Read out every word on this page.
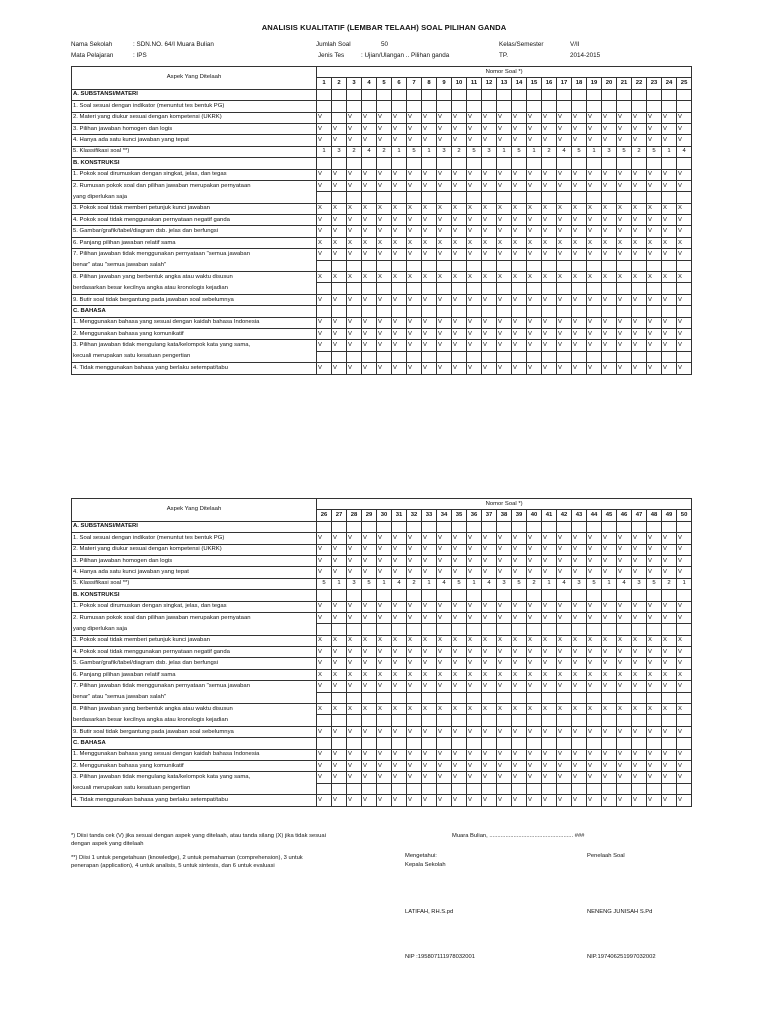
ANALISIS KUALITATIF (LEMBAR TELAAH) SOAL PILIHAN GANDA
Nama Sekolah	: SDN.NO. 64/I Muara Bulian
Mata Pelajaran	: IPS
Jumlah Soal	50
Jenis Tes	: Ujian/Ulangan .. Pilihan ganda
Kelas/Semester	V/II
TP.	2014-2015
Aspek Yang Ditelaah	Nomor Soal *)																								
	1	2	3	4	5	6	7	8	9	10	11	12	13	14	15	16	17	18	19	20	21	22	23	24	25
A. SUBSTANSI/MATERI																									
1. Soal sesuai dengan indikator (menuntut tes bentuk PG)																									
2. Materi yang diukur sesuai dengan kompetensi (UKRK)	V		V	V	V	V	V	V	V	V	V	V	V	V	V	V	V	V	V	V	V	V	V	V	V
3. Pilihan jawaban homogen dan logis	V	V	V	V	V	V	V	V	V	V	V	V	V	V	V	V	V	V	V	V	V	V	V	V	V
4. Hanya ada satu kunci jawaban yang tepat	V	V	V	V	V	V	V	V	V	V	V	V	V	V	V	V	V	V	V	V	V	V	V	V	V
5. Klassifikasi soal **)	1	3	2	4	2	1	5	1	3	2	5	3	1	5	1	2	4	5	1	3	5	2	5	1	4
B. KONSTRUKSI																									
1. Pokok soal dirumuskan dengan singkat, jelas, dan tegas	V	V	V	V	V	V	V	V	V	V	V	V	V	V	V	V	V	V	V	V	V	V	V	V	V
2. Rumusan pokok soal dan pilihan jawaban merupakan pernyataan	V	V	V	V	V	V	V	V	V	V	V	V	V	V	V	V	V	V	V	V	V	V	V	V	V
yang diperlukan saja																									
3. Pokok soal tidak memberi petunjuk kunci jawaban	X	X	X	X	X	X	X	X	X	X	X	X	X	X	X	X	X	X	X	X	X	X	X	X	X
4. Pokok soal tidak menggunakan pernyataan negatif ganda	V	V	V	V	V	V	V	V	V	V	V	V	V	V	V	V	V	V	V	V	V	V	V	V	V
5. Gambar/grafik/tabel/diagram dsb. jelas dan berfungsi	V	V	V	V	V	V	V	V	V	V	V	V	V	V	V	V	V	V	V	V	V	V	V	V	V
6. Panjang pilihan jawaban relatif sama	X	X	X	X	X	X	X	X	X	X	X	X	X	X	X	X	X	X	X	X	X	X	X	X	X
7. Pilihan jawaban tidak menggunakan pernyataan "semua jawaban	V	V	V	V	V	V	V	V	V	V	V	V	V	V	V	V	V	V	V	V	V	V	V	V	V
benar" atau "semua jawaban salah"																									
8. Pilihan jawaban yang berbentuk angka atau waktu disusun	X	X	X	X	X	X	X	X	X	X	X	X	X	X	X	X	X	X	X	X	X	X	X	X	X
berdasarkan besar kecilnya angka atau kronologis kejadian																									
9. Butir soal tidak bergantung pada jawaban soal sebelumnya	V	V	V	V	V	V	V	V	V	V	V	V	V	V	V	V	V	V	V	V	V	V	V	V	V
C. BAHASA																									
1. Menggunakan bahasa yang sesuai dengan kaidah bahasa Indonesia	V	V	V	V	V	V	V	V	V	V	V	V	V	V	V	V	V	V	V	V	V	V	V	V	V
2. Menggunakan bahasa yang komunikatif	V	V	V	V	V	V	V	V	V	V	V	V	V	V	V	V	V	V	V	V	V	V	V	V	V
3. Pilihan jawaban tidak mengulang kata/kelompok kata yang sama,	V	V	V	V	V	V	V	V	V	V	V	V	V	V	V	V	V	V	V	V	V	V	V	V	V
kecuali merupakan satu kesatuan pengertian																									
4. Tidak menggunakan bahasa yang berlaku setempat/tabu	V	V	V	V	V	V	V	V	V	V	V	V	V	V	V	V	V	V	V	V	V	V	V	V	V
Aspek Yang Ditelaah	Nomor Soal *)																								
	26	27	28	29	30	31	32	33	34	35	36	37	38	39	40	41	42	43	44	45	46	47	48	49	50
A. SUBSTANSI/MATERI																									
1. Soal sesuai dengan indikator (menuntut tes bentuk PG)	V	V	V	V	V	V	V	V	V	V	V	V	V	V	V	V	V	V	V	V	V	V	V	V	V
2. Materi yang diukur sesuai dengan kompetensi (UKRK)	V	V	V	V	V	V	V	V	V	V	V	V	V	V	V	V	V	V	V	V	V	V	V	V	V
3. Pilihan jawaban homogen dan logis	V	V	V	V	V	V	V	V	V	V	V	V	V	V	V	V	V	V	V	V	V	V	V	V	V
4. Hanya ada satu kunci jawaban yang tepat	V	V	V	V	V	V	V	V	V	V	V	V	V	V	V	V	V	V	V	V	V	V	V	V	V
5. Klassifikasi soal **)	5	1	3	5	1	4	2	1	4	5	1	4	3	5	2	1	4	3	5	1	4	3	5	2	1
B. KONSTRUKSI																									
1. Pokok soal dirumuskan dengan singkat, jelas, dan tegas	V	V	V	V	V	V	V	V	V	V	V	V	V	V	V	V	V	V	V	V	V	V	V	V	V
2. Rumusan pokok soal dan pilihan jawaban merupakan pernyataan	V	V	V	V	V	V	V	V	V	V	V	V	V	V	V	V	V	V	V	V	V	V	V	V	V
yang diperlukan saja																									
3. Pokok soal tidak memberi petunjuk kunci jawaban	X	X	X	X	X	X	X	X	X	X	X	X	X	X	X	X	X	X	X	X	X	X	X	X	X
4. Pokok soal tidak menggunakan pernyataan negatif ganda	V	V	V	V	V	V	V	V	V	V	V	V	V	V	V	V	V	V	V	V	V	V	V	V	V
5. Gambar/grafik/tabel/diagram dsb. jelas dan berfungsi	V	V	V	V	V	V	V	V	V	V	V	V	V	V	V	V	V	V	V	V	V	V	V	V	V
6. Panjang pilihan jawaban relatif sama	X	X	X	X	X	X	X	X	X	X	X	X	X	X	X	X	X	X	X	X	X	X	X	X	X
7. Pilihan jawaban tidak menggunakan pernyataan "semua jawaban	V	V	V	V	V	V	V	V	V	V	V	V	V	V	V	V	V	V	V	V	V	V	V	V	V
benar" atau "semua jawaban salah"																									
8. Pilihan jawaban yang berbentuk angka atau waktu disusun	X	X	X	X	X	X	X	X	X	X	X	X	X	X	X	X	X	X	X	X	X	X	X	X	X
berdasarkan besar kecilnya angka atau kronologis kejadian																									
9. Butir soal tidak bergantung pada jawaban soal sebelumnya	V	V	V	V	V	V	V	V	V	V	V	V	V	V	V	V	V	V	V	V	V	V	V	V	V
C. BAHASA																									
1. Menggunakan bahasa yang sesuai dengan kaidah bahasa Indonesia	V	V	V	V	V	V	V	V	V	V	V	V	V	V	V	V	V	V	V	V	V	V	V	V	V
2. Menggunakan bahasa yang komunikatif	V	V	V	V	V	V	V	V	V	V	V	V	V	V	V	V	V	V	V	V	V	V	V	V	V
3. Pilihan jawaban tidak mengulang kata/kelompok kata yang sama,	V	V	V	V	V	V	V	V	V	V	V	V	V	V	V	V	V	V	V	V	V	V	V	V	V
kecuali merupakan satu kesatuan pengertian																									
4. Tidak menggunakan bahasa yang berlaku setempat/tabu	V	V	V	V	V	V	V	V	V	V	V	V	V	V	V	V	V	V	V	V	V	V	V	V	V
*) Diisi tanda cek (V) jika sesuai dengan aspek yang ditelaah, atau tanda silang (X) jika tidak sesuai
dengan aspek yang ditelaah
**) Diisi 1 untuk pengetahuan (knowledge), 2 untuk pemahaman (comprehension), 3 untuk
penerapan (application), 4 untuk analisis, 5 untuk sintesis, dan 6 untuk evaluasi
Muara Bulian, .................................................... ###
Mengetahui:
Kepala Sekolah
Penelaah Soal
LATIFAH, RH.S.pd	NENENG JUNISAH S.Pd
NIP :195807111978032001	NIP.197406251997032002
